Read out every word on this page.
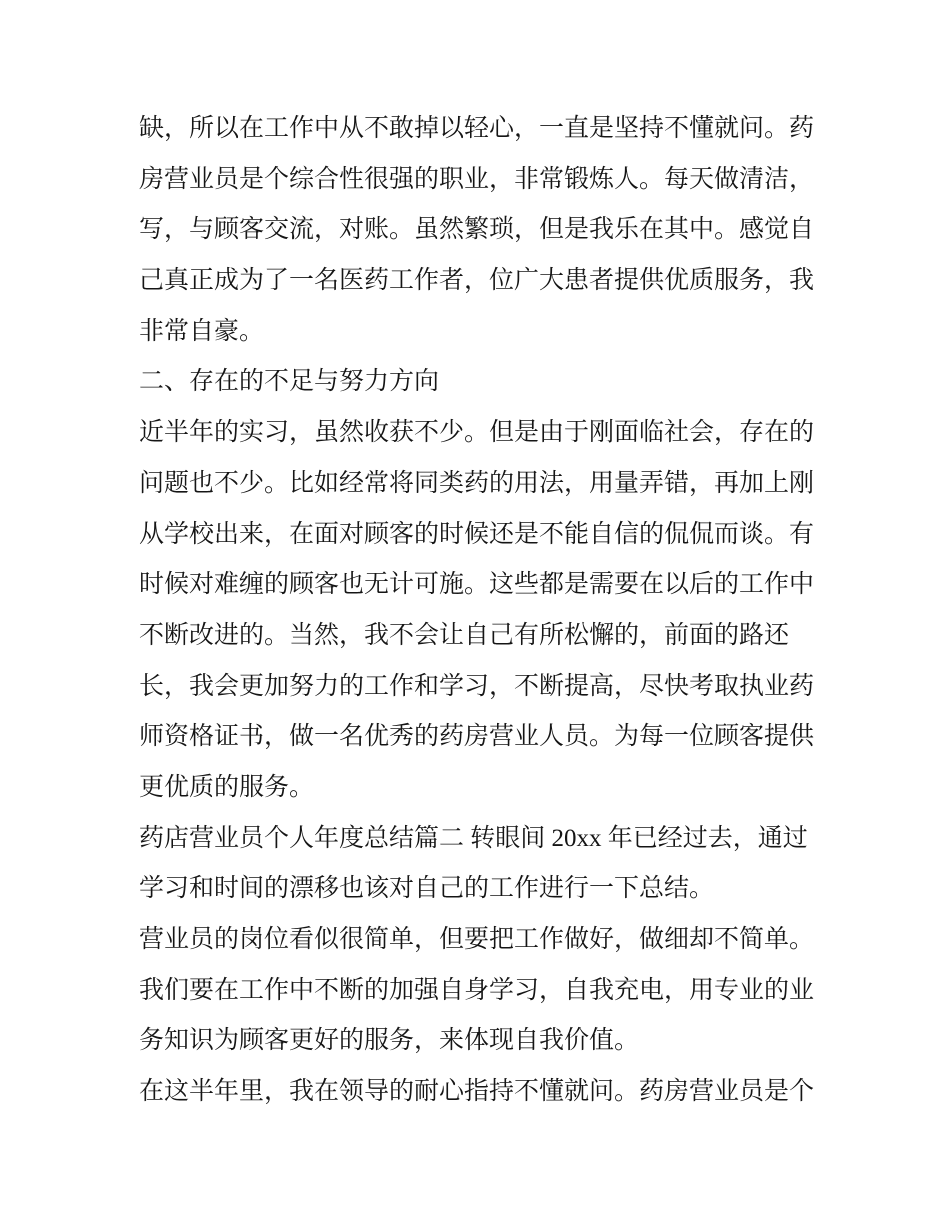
缺，所以在工作中从不敢掉以轻心，一直是坚持不懂就问。药
房营业员是个综合性很强的职业，非常锻炼人。每天做清洁，
写，与顾客交流，对账。虽然繁琐，但是我乐在其中。感觉自
己真正成为了一名医药工作者，位广大患者提供优质服务，我
非常自豪。
二、存在的不足与努力方向
近半年的实习，虽然收获不少。但是由于刚面临社会，存在的
问题也不少。比如经常将同类药的用法，用量弄错，再加上刚
从学校出来，在面对顾客的时候还是不能自信的侃侃而谈。有
时候对难缠的顾客也无计可施。这些都是需要在以后的工作中
不断改进的。当然，我不会让自己有所松懈的，前面的路还
长，我会更加努力的工作和学习，不断提高，尽快考取执业药
师资格证书，做一名优秀的药房营业人员。为每一位顾客提供
更优质的服务。
药店营业员个人年度总结篇二 转眼间 20xx 年已经过去，通过
学习和时间的漂移也该对自己的工作进行一下总结。
营业员的岗位看似很简单，但要把工作做好，做细却不简单。
我们要在工作中不断的加强自身学习，自我充电，用专业的业
务知识为顾客更好的服务，来体现自我价值。
在这半年里，我在领导的耐心指持不懂就问。药房营业员是个
